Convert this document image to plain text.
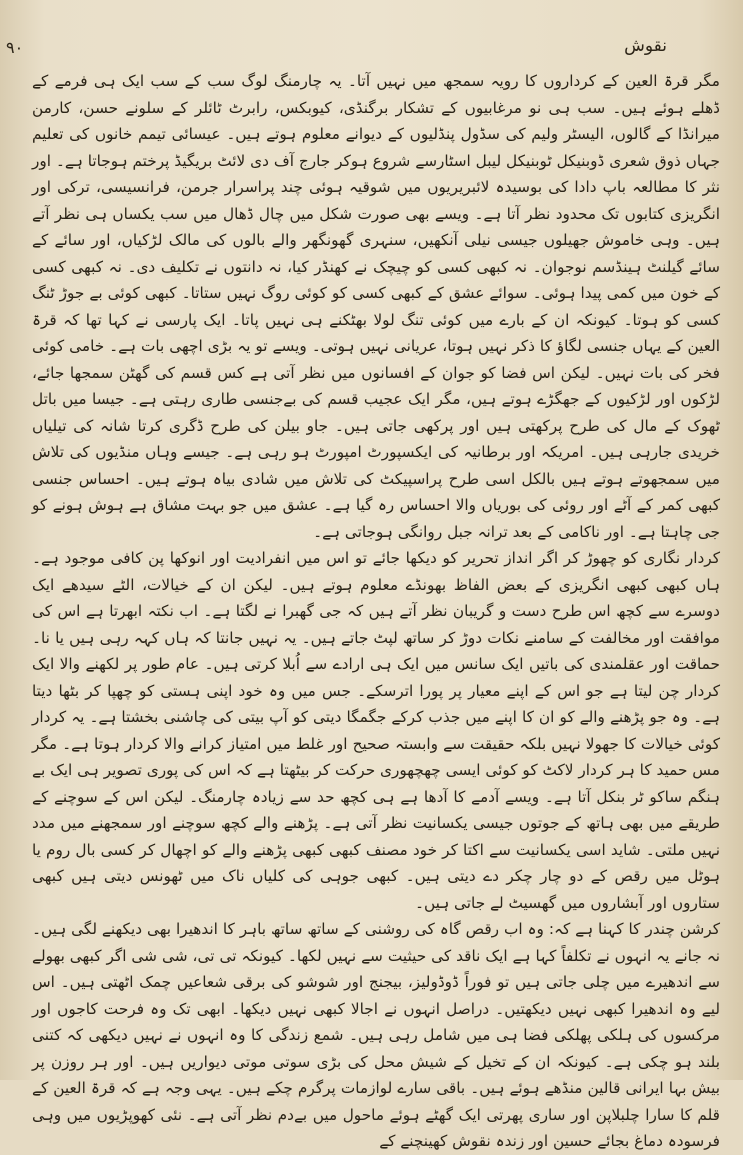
۹۰	نقوش

مگر قرۃ العین کے کرداروں کا رویہ سمجھ میں نہیں آتا۔ یہ چارمنگ لوگ سب کے سب ایک ہی فرمے کے ڈھلے ہوئے ہیں۔ سب ہی نو مرغابیوں کے تشکار برگنڈی، کیوبکس، رابرٹ ٹائلر کے سلونے حسن، کارمن میرانڈا کے گالوں، الیسٹر ولیم کی سڈول پنڈلیوں کے دیوانے معلوم ہوتے ہیں۔ عیسائی تیمم خانوں کی تعلیم جہاں ذوق شعری ڈوبنیکل ٹوبنیکل لیبل اسٹارسے شروع ہوکر جارج آف دی لائٹ بریگیڈ پرختم ہوجاتا ہے۔ اور نثر کا مطالعہ باپ دادا کی بوسیدہ لائبریریوں میں شوقیہ ہوئی چند پراسرار جرمن، فرانسیسی، ترکی اور انگریزی کتابوں تک محدود نظر آتا ہے۔ ویسے بھی صورت شکل میں چال ڈھال میں سب یکساں ہی نظر آتے ہیں۔ وہی خاموش جھیلوں جیسی نیلی آنکھیں، سنہری گھونگھر والے بالوں کی مالک لڑکیاں، اور سائے کے سائے گیلنٹ ہینڈسم نوجوان۔ نہ کبھی کسی کو چیچک نے کھنڈر کیا، نہ دانتوں نے تکلیف دی۔ نہ کبھی کسی کے خون میں کمی پیدا ہوئی۔ سوائے عشق کے کبھی کسی کو کوئی روگ نہیں ستاتا۔ کبھی کوئی بے جوڑ ٹنگ کسی کو ہوتا۔ کیونکہ ان کے بارے میں کوئی تنگ لولا بھٹکنے ہی نہیں پاتا۔ ایک پارسی نے کہا تھا کہ قرۃ العین کے یہاں جنسی لگاؤ کا ذکر نہیں ہوتا، عریانی نہیں ہوتی۔ ویسے تو یہ بڑی اچھی بات ہے۔ خامی کوئی فخر کی بات نہیں۔ لیکن اس فضا کو جوان کے افسانوں میں نظر آتی ہے کس قسم کی گھٹن سمجھا جائے، لڑکوں اور لڑکیوں کے جھگڑے ہوتے ہیں، مگر ایک عجیب قسم کی بےجنسی طاری رہتی ہے۔ جیسا میں باتل ٹھوک کے مال کی طرح پرکھتی ہیں اور پرکھی جاتی ہیں۔ جاو بیلن کی طرح ڈگری کرتا شانہ کی تیلیاں خریدی جارہی ہیں۔ امریکہ اور برطانیہ کی ایکسپورٹ امپورٹ ہو رہی ہے۔ جیسے وہاں منڈیوں کی تلاش میں سمجھوتے ہوتے ہیں بالکل اسی طرح پراسپیکٹ کی تلاش میں شادی بیاہ ہوتے ہیں۔ احساس جنسی کبھی کمر کے آٹے اور روئی کی بوریاں والا احساس رہ گیا ہے۔ عشق میں جو بہت مشاق ہے ہوش ہونے کو جی چاہتا ہے۔ اور ناکامی کے بعد ترانہ جبل روانگی ہوجاتی ہے۔

کردار نگاری کو چھوڑ کر اگر انداز تحریر کو دیکھا جائے تو اس میں انفرادیت اور انوکھا پن کافی موجود ہے۔ ہاں کبھی کبھی انگریزی کے بعض الفاظ بھونڈے معلوم ہوتے ہیں۔ لیکن ان کے خیالات، الٹے سیدھے ایک دوسرے سے کچھ اس طرح دست و گریبان نظر آتے ہیں کہ جی گھبرا نے لگتا ہے۔ اب نکتہ ابھرتا ہے اس کی موافقت اور مخالفت کے سامنے نکات دوڑ کر ساتھ لپٹ جاتے ہیں۔ یہ نہیں جانتا کہ ہاں کہہ رہی ہیں یا نا۔ حماقت اور عقلمندی کی باتیں ایک سانس میں ایک ہی ارادے سے اُبلا کرتی ہیں۔ عام طور پر لکھنے والا ایک کردار چن لیتا ہے جو اس کے اپنے معیار پر پورا اترسکے۔ جس میں وہ خود اپنی ہستی کو چھپا کر بٹھا دیتا ہے۔ وہ جو پڑھنے والے کو ان کا اپنے میں جذب کرکے جگمگا دیتی کو آپ بیتی کی چاشنی بخشتا ہے۔ یہ کردار کوئی خیالات کا جھولا نہیں بلکہ حقیقت سے وابستہ صحیح اور غلط میں امتیاز کرانے والا کردار ہوتا ہے۔ مگر مس حمید کا ہر کردار لاکٹ کو کوئی ایسی چھچھوری حرکت کر بیٹھتا ہے کہ اس کی پوری تصویر ہی ایک بے ہنگم ساکو ٹر بنکل آتا ہے۔ ویسے آدمے کا آدھا ہے ہی کچھ حد سے زیادہ چارمنگ۔ لیکن اس کے سوچنے کے طریقے میں بھی ہاتھ کے جوتوں جیسی یکسانیت نظر آتی ہے۔ پڑھنے والے کچھ سوچنے اور سمجھنے میں مدد نہیں ملتی۔ شاید اسی یکسانیت سے اکتا کر خود مصنف کبھی کبھی پڑھنے والے کو اچھال کر کسی بال روم یا ہوٹل میں رقص کے دو چار چکر دے دیتی ہیں۔ کبھی جوہی کی کلیاں ناک میں ٹھونس دیتی ہیں کبھی ستاروں اور آبشاروں میں گھسیٹ لے جاتی ہیں۔

کرشن چندر کا کہنا ہے کہ: وہ اب رقص گاہ کی روشنی کے ساتھ ساتھ باہر کا اندھیرا بھی دیکھنے لگی ہیں۔ نہ جانے یہ انہوں نے تکلفاً کہا ہے ایک ناقد کی حیثیت سے نہیں لکھا۔ کیونکہ تی تی، شی شی اگر کبھی بھولے سے اندھیرے میں چلی جاتی ہیں تو فوراً ڈوڈولیز، بیجنج اور شوشو کی برقی شعاعیں چمک اٹھتی ہیں۔ اس لیے وہ اندھیرا کبھی نہیں دیکھتیں۔ دراصل انہوں نے اجالا کبھی نہیں دیکھا۔ ابھی تک وہ فرحت کاجوں اور مرکسوں کی ہلکی پھلکی فضا ہی میں شامل رہی ہیں۔ شمع زندگی کا وہ انہوں نے نہیں دیکھی کہ کتنی بلند ہو چکی ہے۔ کیونکہ ان کے تخیل کے شیش محل کی بڑی سوتی موتی دیواریں ہیں۔ اور ہر روزن پر بیش بہا ایرانی قالین منڈھے ہوئے ہیں۔ باقی سارے لوازمات پرگرم چکے ہیں۔ یہی وجہ ہے کہ قرۃ العین کے قلم کا سارا چلبلاپن اور ساری پھرتی ایک گھٹے ہوئے ماحول میں بےدم نظر آتی ہے۔ نئی کھوپڑیوں میں وہی فرسودہ دماغ بجائے حسین اور زندہ نقوش کھینچنے کے
